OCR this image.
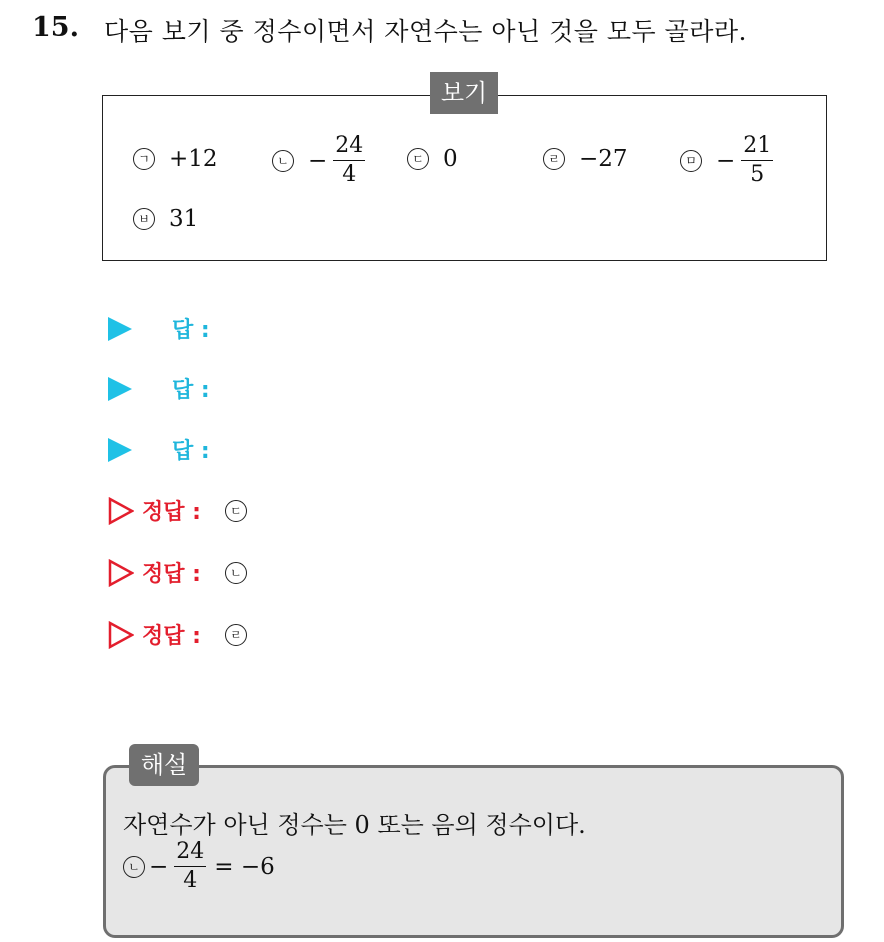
15. 다음 보기 중 정수이면서 자연수는 아닌 것을 모두 골라라.
보기
ㄱ +12	ㄴ − $\frac{24}{4}$	ㄷ 0	ㄹ −27	ㅁ − $\frac{21}{5}$
ㅂ 31
답 :
답 :
답 :
정답 :	ㄷ
정답 :	ㄴ
정답 :	ㄹ
해설
자연수가 아닌 정수는 0 또는 음의 정수이다.
ㄴ − $\frac{24}{4} = -6$
